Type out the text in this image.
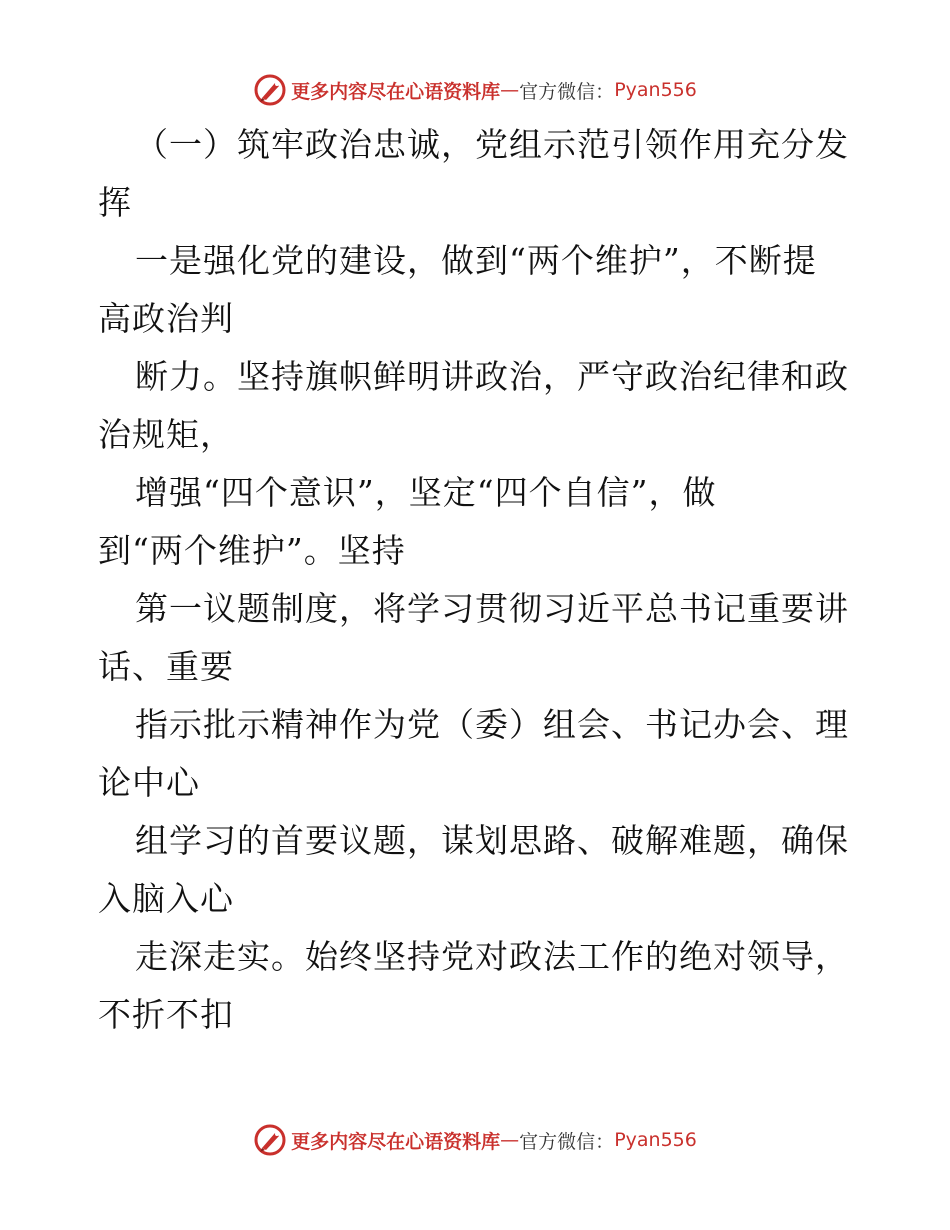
更多内容尽在心语资料库 — 官方微信： Pyan556
（一）筑牢政治忠诚，党组示范引领作用充分发
挥
一是强化党的建设，做到“两个维护”，不断提
高政治判
断力。坚持旗帜鲜明讲政治，严守政治纪律和政
治规矩，
增强“四个意识”，坚定“四个自信”，做
到“两个维护”。坚持
第一议题制度，将学习贯彻习近平总书记重要讲
话、重要
指示批示精神作为党（委）组会、书记办会、理
论中心
组学习的首要议题，谋划思路、破解难题，确保
入脑入心
走深走实。始终坚持党对政法工作的绝对领导，
不折不扣
更多内容尽在心语资料库 — 官方微信： Pyan556
